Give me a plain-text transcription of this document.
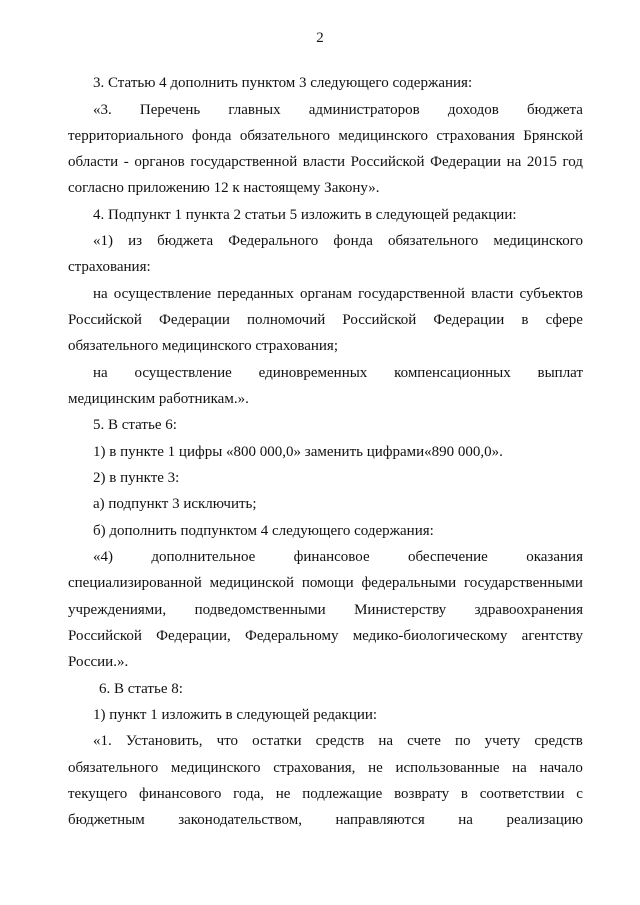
2
3. Статью 4 дополнить пунктом 3 следующего содержания:
«3. Перечень главных администраторов доходов бюджета
территориального фонда обязательного медицинского страхования Брянской
области - органов государственной власти Российской Федерации на 2015 год
согласно приложению 12 к настоящему Закону».
4. Подпункт 1 пункта 2 статьи 5 изложить в следующей редакции:
«1) из бюджета Федерального фонда обязательного медицинского
страхования:
на осуществление переданных органам государственной власти субъектов
Российской Федерации полномочий Российской Федерации в сфере
обязательного медицинского страхования;
на осуществление единовременных компенсационных выплат
медицинским работникам.».
5. В статье 6:
1) в пункте 1 цифры «800 000,0» заменить цифрами«890 000,0».
2) в пункте 3:
а) подпункт 3 исключить;
б) дополнить подпунктом 4 следующего содержания:
«4)	дополнительное	финансовое	обеспечение	оказания
специализированной медицинской помощи федеральными государственными
учреждениями, подведомственными Министерству здравоохранения
Российской Федерации, Федеральному медико-биологическому агентству
России.».
6. В статье 8:
1) пункт 1 изложить в следующей редакции:
«1. Установить, что остатки средств на счете по учету средств
обязательного медицинского страхования, не использованные на начало
текущего финансового года, не подлежащие возврату в соответствии с
бюджетным законодательством, направляются на реализацию
